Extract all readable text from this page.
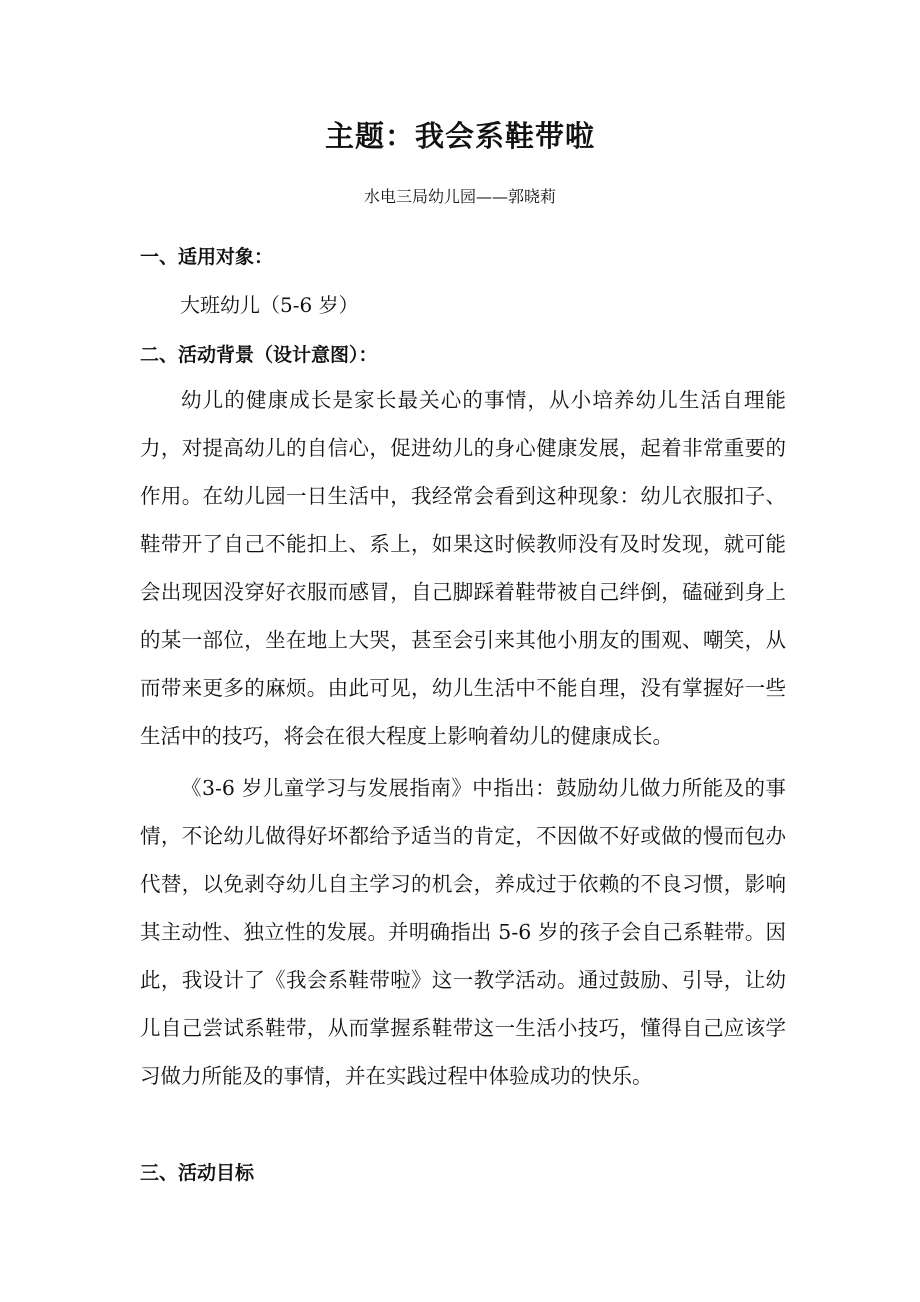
主题：我会系鞋带啦

水电三局幼儿园——郭晓莉

一、适用对象：

大班幼儿（5-6 岁）

二、活动背景（设计意图）：

幼儿的健康成长是家长最关心的事情，从小培养幼儿生活自理能力，对提高幼儿的自信心，促进幼儿的身心健康发展，起着非常重要的作用。在幼儿园一日生活中，我经常会看到这种现象：幼儿衣服扣子、鞋带开了自己不能扣上、系上，如果这时候教师没有及时发现，就可能会出现因没穿好衣服而感冒，自己脚踩着鞋带被自己绊倒，磕碰到身上的某一部位，坐在地上大哭，甚至会引来其他小朋友的围观、嘲笑，从而带来更多的麻烦。由此可见，幼儿生活中不能自理，没有掌握好一些生活中的技巧，将会在很大程度上影响着幼儿的健康成长。

《3-6 岁儿童学习与发展指南》中指出：鼓励幼儿做力所能及的事情，不论幼儿做得好坏都给予适当的肯定，不因做不好或做的慢而包办代替，以免剥夺幼儿自主学习的机会，养成过于依赖的不良习惯，影响其主动性、独立性的发展。并明确指出 5-6 岁的孩子会自己系鞋带。因此，我设计了《我会系鞋带啦》这一教学活动。通过鼓励、引导，让幼儿自己尝试系鞋带，从而掌握系鞋带这一生活小技巧，懂得自己应该学习做力所能及的事情，并在实践过程中体验成功的快乐。

三、活动目标
